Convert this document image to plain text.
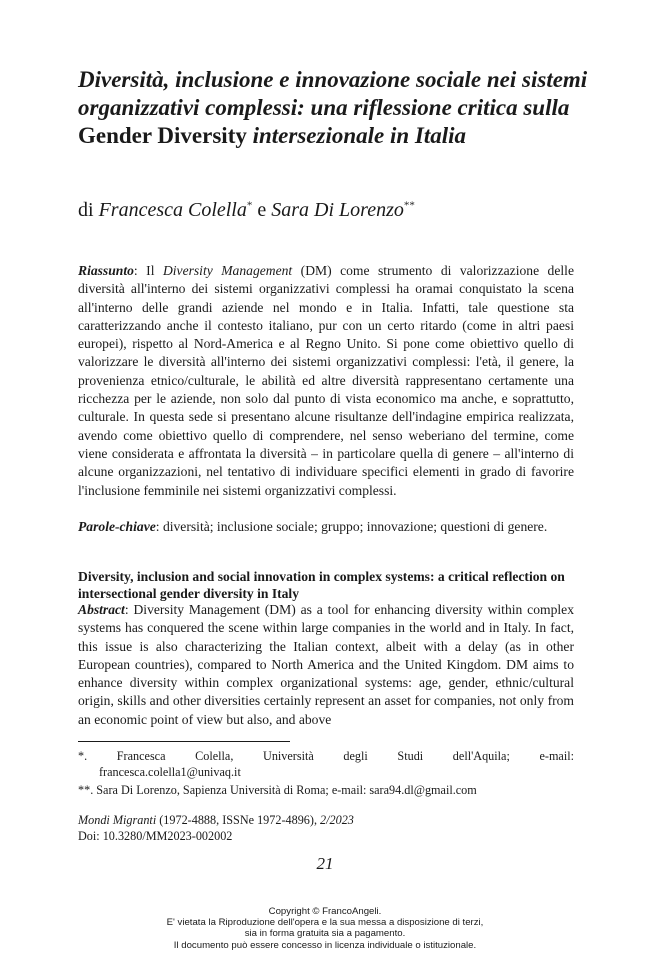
Diversità, inclusione e innovazione sociale nei sistemi organizzativi complessi: una riflessione critica sulla Gender Diversity intersezionale in Italia

di Francesca Colella* e Sara Di Lorenzo**

Riassunto: Il Diversity Management (DM) come strumento di valorizzazione delle diversità all'interno dei sistemi organizzativi complessi ha oramai conquistato la scena all'interno delle grandi aziende nel mondo e in Italia. Infatti, tale questione sta caratterizzando anche il contesto italiano, pur con un certo ritardo (come in altri paesi europei), rispetto al Nord-America e al Regno Unito. Si pone come obiettivo quello di valorizzare le diversità all'interno dei sistemi organizzativi complessi: l'età, il genere, la provenienza etnico/culturale, le abilità ed altre diversità rappresentano certamente una ricchezza per le aziende, non solo dal punto di vista economico ma anche, e soprattutto, culturale. In questa sede si presentano alcune risultanze dell'indagine empirica realizzata, avendo come obiettivo quello di comprendere, nel senso weberiano del termine, come viene considerata e affrontata la diversità – in particolare quella di genere – all'interno di alcune organizzazioni, nel tentativo di individuare specifici elementi in grado di favorire l'inclusione femminile nei sistemi organizzativi complessi.

Parole-chiave: diversità; inclusione sociale; gruppo; innovazione; questioni di genere.

Diversity, inclusion and social innovation in complex systems: a critical reflection on intersectional gender diversity in Italy

Abstract: Diversity Management (DM) as a tool for enhancing diversity within complex systems has conquered the scene within large companies in the world and in Italy. In fact, this issue is also characterizing the Italian context, albeit with a delay (as in other European countries), compared to North America and the United Kingdom. DM aims to enhance diversity within complex organizational systems: age, gender, ethnic/cultural origin, skills and other diversities certainly represent an asset for companies, not only from an economic point of view but also, and above

*. Francesca Colella, Università degli Studi dell'Aquila; e-mail:

francesca.colella1@univaq.it

**. Sara Di Lorenzo, Sapienza Università di Roma; e-mail: sara94.dl@gmail.com

Mondi Migranti (1972-4888, ISSNe 1972-4896), 2/2023
Doi: 10.3280/MM2023-002002

21

Copyright © FrancoAngeli.
E' vietata la Riproduzione dell'opera e la sua messa a disposizione di terzi,
sia in forma gratuita sia a pagamento.
Il documento può essere concesso in licenza individuale o istituzionale.
